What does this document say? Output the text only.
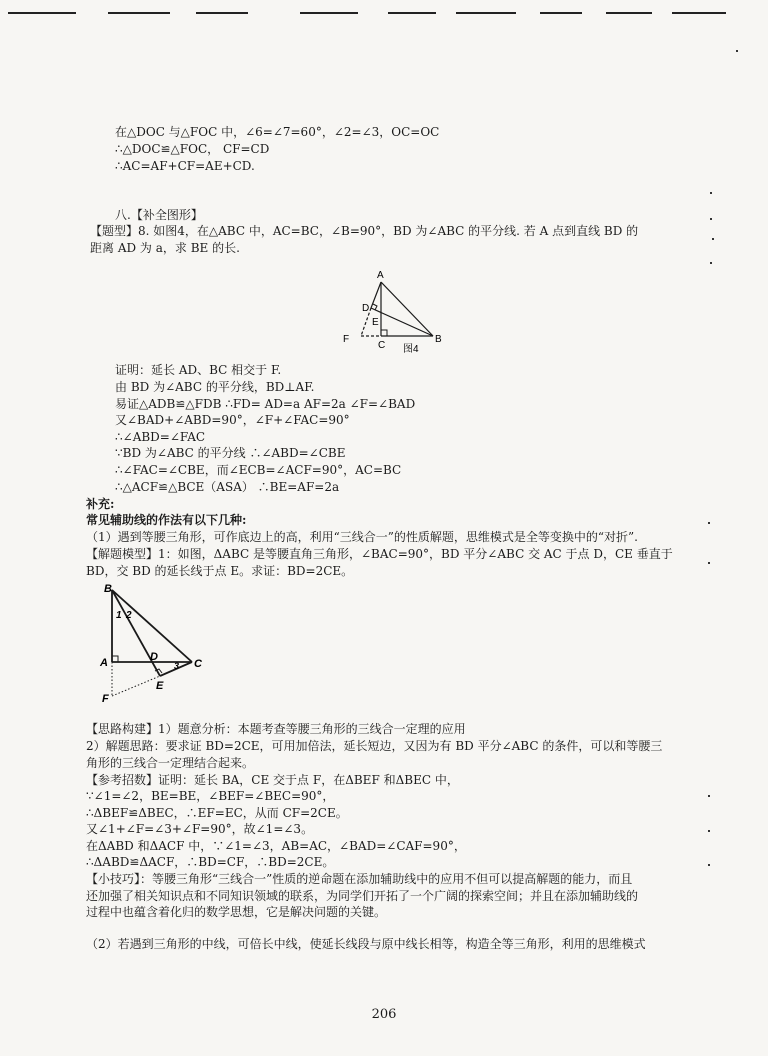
在△DOC 与△FOC 中，∠6=∠7=60°，∠2=∠3，OC=OC
∴△DOC≌△FOC， CF=CD
∴AC=AF+CF=AE+CD.
八.【补全图形】
【题型】8. 如图4，在△ABC 中，AC=BC，∠B=90°，BD 为∠ABC 的平分线. 若 A 点到直线 BD 的
距离 AD 为 a，求 BE 的长.
A
D
E
F
C
B
图4
证明：延长 AD、BC 相交于 F.
由 BD 为∠ABC 的平分线，BD⊥AF.
易证△ADB≌△FDB ∴FD= AD=a AF=2a ∠F=∠BAD
又∠BAD+∠ABD=90°，∠F+∠FAC=90°
∴∠ABD=∠FAC
∵BD 为∠ABC 的平分线 ∴∠ABD=∠CBE
∴∠FAC=∠CBE，而∠ECB=∠ACF=90°，AC=BC
∴△ACF≌△BCE（ASA） ∴BE=AF=2a
补充:
常见辅助线的作法有以下几种:
（1）遇到等腰三角形，可作底边上的高，利用“三线合一”的性质解题，思维模式是全等变换中的“对折”.
【解题模型】1：如图，ΔABC 是等腰直角三角形，∠BAC=90°，BD 平分∠ABC 交 AC 于点 D，CE 垂直于
BD，交 BD 的延长线于点 E。求证：BD=2CE。
B
1 2
A	D
3 C
E
F
【思路构建】1）题意分析：本题考查等腰三角形的三线合一定理的应用
2）解题思路：要求证 BD=2CE，可用加倍法，延长短边，又因为有 BD 平分∠ABC 的条件，可以和等腰三
角形的三线合一定理结合起来。
【参考招数】证明：延长 BA，CE 交于点 F，在ΔBEF 和ΔBEC 中，
∵∠1=∠2，BE=BE，∠BEF=∠BEC=90°，
∴ΔBEF≌ΔBEC，∴EF=EC，从而 CF=2CE。
又∠1+∠F=∠3+∠F=90°，故∠1=∠3。
在ΔABD 和ΔACF 中，∵∠1=∠3，AB=AC，∠BAD=∠CAF=90°，
∴ΔABD≌ΔACF，∴BD=CF，∴BD=2CE。
【小技巧】：等腰三角形“三线合一”性质的逆命题在添加辅助线中的应用不但可以提高解题的能力，而且
还加强了相关知识点和不同知识领域的联系，为同学们开拓了一个广阔的探索空间；并且在添加辅助线的
过程中也蕴含着化归的数学思想，它是解决问题的关键。
（2）若遇到三角形的中线，可倍长中线，使延长线段与原中线长相等，构造全等三角形，利用的思维模式
206
